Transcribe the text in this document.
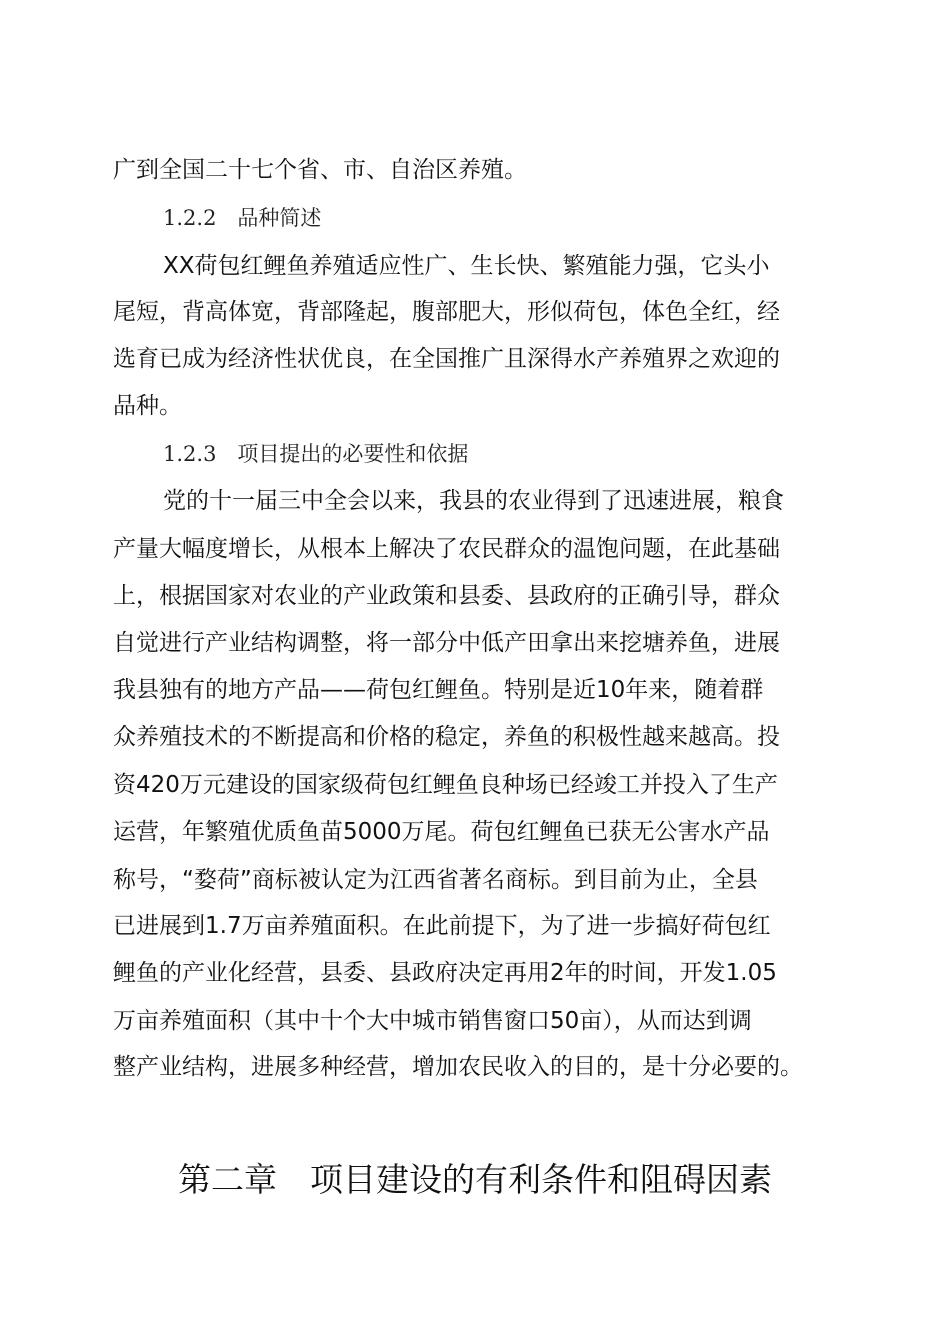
广到全国二十七个省、市、自治区养殖。
1.2.2　品种简述
XX荷包红鲤鱼养殖适应性广、生长快、繁殖能力强，它头小
尾短，背高体宽，背部隆起，腹部肥大，形似荷包，体色全红，经
选育已成为经济性状优良，在全国推广且深得水产养殖界之欢迎的
品种。
1.2.3　项目提出的必要性和依据
党的十一届三中全会以来，我县的农业得到了迅速进展，粮食
产量大幅度增长，从根本上解决了农民群众的温饱问题，在此基础
上，根据国家对农业的产业政策和县委、县政府的正确引导，群众
自觉进行产业结构调整，将一部分中低产田拿出来挖塘养鱼，进展
我县独有的地方产品——荷包红鲤鱼。特别是近10年来，随着群
众养殖技术的不断提高和价格的稳定，养鱼的积极性越来越高。投
资420万元建设的国家级荷包红鲤鱼良种场已经竣工并投入了生产
运营，年繁殖优质鱼苗5000万尾。荷包红鲤鱼已获无公害水产品
称号，“婺荷”商标被认定为江西省著名商标。到目前为止，全县
已进展到1.7万亩养殖面积。在此前提下，为了进一步搞好荷包红
鲤鱼的产业化经营，县委、县政府决定再用2年的时间，开发1.05
万亩养殖面积（其中十个大中城市销售窗口50亩），从而达到调
整产业结构，进展多种经营，增加农民收入的目的，是十分必要的。
第二章　项目建设的有利条件和阻碍因素
